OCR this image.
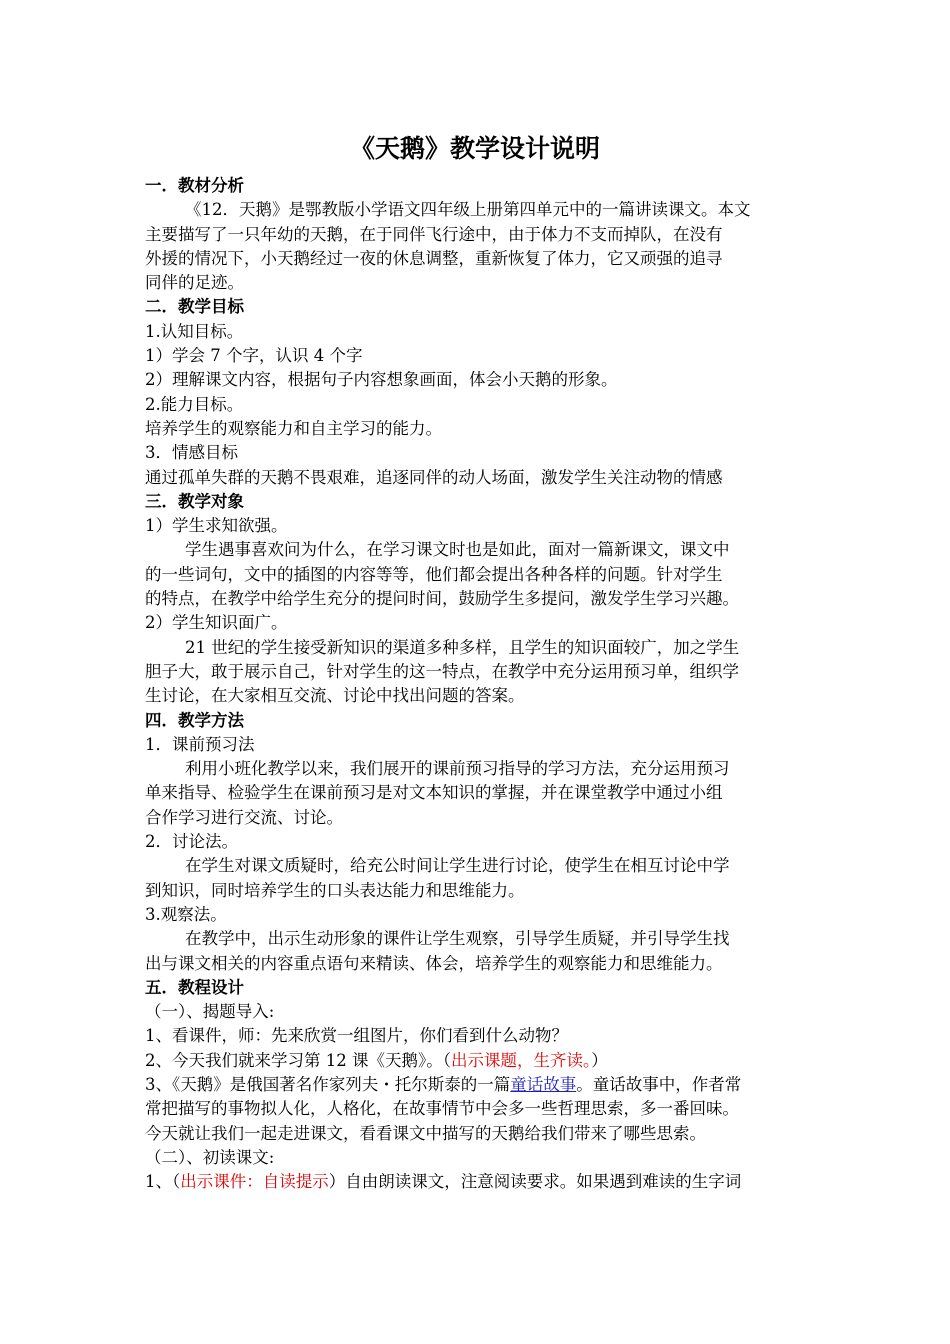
《天鹅》教学设计说明
一．教材分析
《12．天鹅》是鄂教版小学语文四年级上册第四单元中的一篇讲读课文。本文
主要描写了一只年幼的天鹅，在于同伴飞行途中，由于体力不支而掉队，在没有
外援的情况下，小天鹅经过一夜的休息调整，重新恢复了体力，它又顽强的追寻
同伴的足迹。
二．教学目标
1.认知目标。
1）学会 7 个字，认识 4 个字
2）理解课文内容，根据句子内容想象画面，体会小天鹅的形象。
2.能力目标。
培养学生的观察能力和自主学习的能力。
3．情感目标
通过孤单失群的天鹅不畏艰难，追逐同伴的动人场面，激发学生关注动物的情感
三．教学对象
1）学生求知欲强。
学生遇事喜欢问为什么，在学习课文时也是如此，面对一篇新课文，课文中
的一些词句，文中的插图的内容等等，他们都会提出各种各样的问题。针对学生
的特点，在教学中给学生充分的提问时间，鼓励学生多提问，激发学生学习兴趣。
2）学生知识面广。
21 世纪的学生接受新知识的渠道多种多样，且学生的知识面较广，加之学生
胆子大，敢于展示自己，针对学生的这一特点，在教学中充分运用预习单，组织学
生讨论，在大家相互交流、讨论中找出问题的答案。
四．教学方法
1．课前预习法
利用小班化教学以来，我们展开的课前预习指导的学习方法，充分运用预习
单来指导、检验学生在课前预习是对文本知识的掌握，并在课堂教学中通过小组
合作学习进行交流、讨论。
2．讨论法。
在学生对课文质疑时，给充公时间让学生进行讨论，使学生在相互讨论中学
到知识，同时培养学生的口头表达能力和思维能力。
3.观察法。
在教学中，出示生动形象的课件让学生观察，引导学生质疑，并引导学生找
出与课文相关的内容重点语句来精读、体会，培养学生的观察能力和思维能力。
五．教程设计
（一）、揭题导入:
1、看课件，师：先来欣赏一组图片，你们看到什么动物？
2、今天我们就来学习第 12 课《天鹅》。（出示课题，生齐读。）
3、《天鹅》是俄国著名作家列夫・托尔斯泰的一篇童话故事。童话故事中，作者常
常把描写的事物拟人化，人格化，在故事情节中会多一些哲理思索，多一番回味。
今天就让我们一起走进课文，看看课文中描写的天鹅给我们带来了哪些思索。
（二）、初读课文:
1、（出示课件：自读提示）自由朗读课文，注意阅读要求。如果遇到难读的生字词
